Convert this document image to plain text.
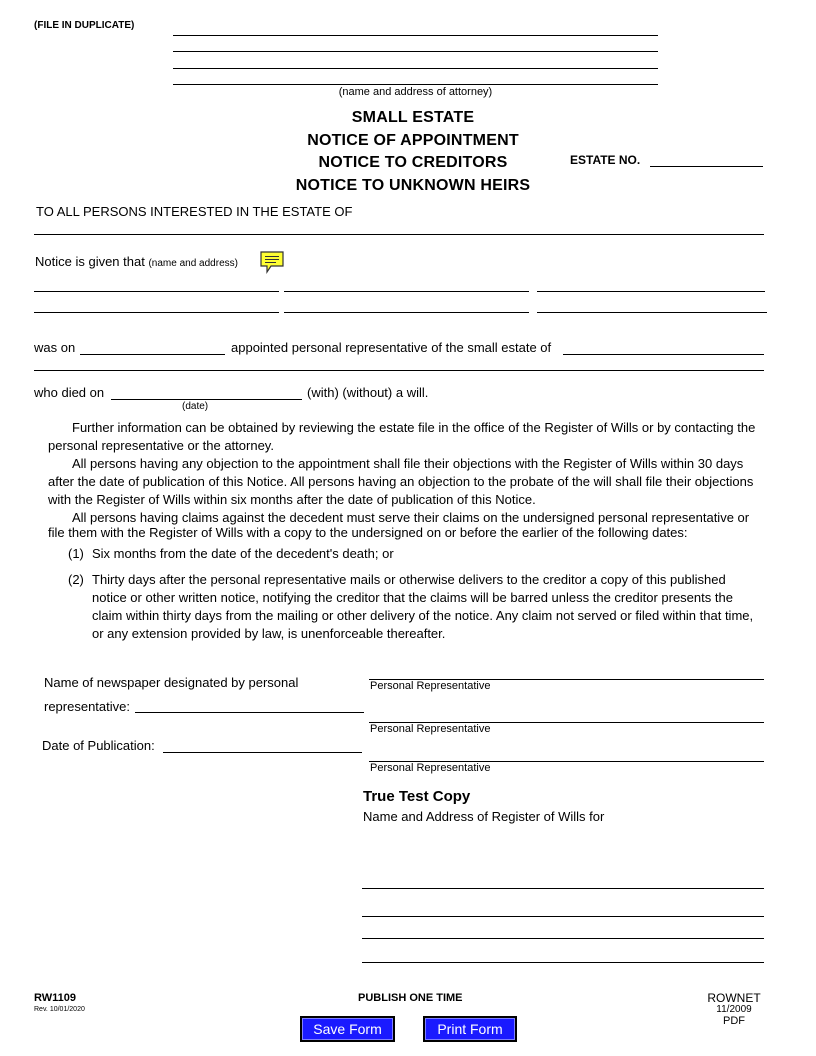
(FILE IN DUPLICATE)
(name and address of attorney)
SMALL ESTATE
NOTICE OF APPOINTMENT
NOTICE TO CREDITORS
NOTICE TO UNKNOWN HEIRS
ESTATE NO.
TO ALL PERSONS INTERESTED IN THE ESTATE OF
Notice is given that (name and address)
was on	appointed personal representative of the small estate of
who died on	(with) (without) a will.
(date)

Further information can be obtained by reviewing the estate file in the office of the Register of Wills or by contacting the personal representative or the attorney.

All persons having any objection to the appointment shall file their objections with the Register of Wills within 30 days after the date of publication of this Notice. All persons having an objection to the probate of the will shall file their objections with the Register of Wills within six months after the date of publication of this Notice.

All persons having claims against the decedent must serve their claims on the undersigned personal representative or file them with the Register of Wills with a copy to the undersigned on or before the earlier of the following dates:

(1) Six months from the date of the decedent's death; or
(2) Thirty days after the personal representative mails or otherwise delivers to the creditor a copy of this published notice or other written notice, notifying the creditor that the claims will be barred unless the creditor presents the claim within thirty days from the mailing or other delivery of the notice. Any claim not served or filed within that time, or any extension provided by law, is unenforceable thereafter.

Name of newspaper designated by personal
representative:
Date of Publication:
Personal Representative
Personal Representative
Personal Representative
True Test Copy
Name and Address of Register of Wills for
RW1109
Rev. 10/01/2020
PUBLISH ONE TIME	ROWNET
11/2009
PDF
Save Form	Print Form
